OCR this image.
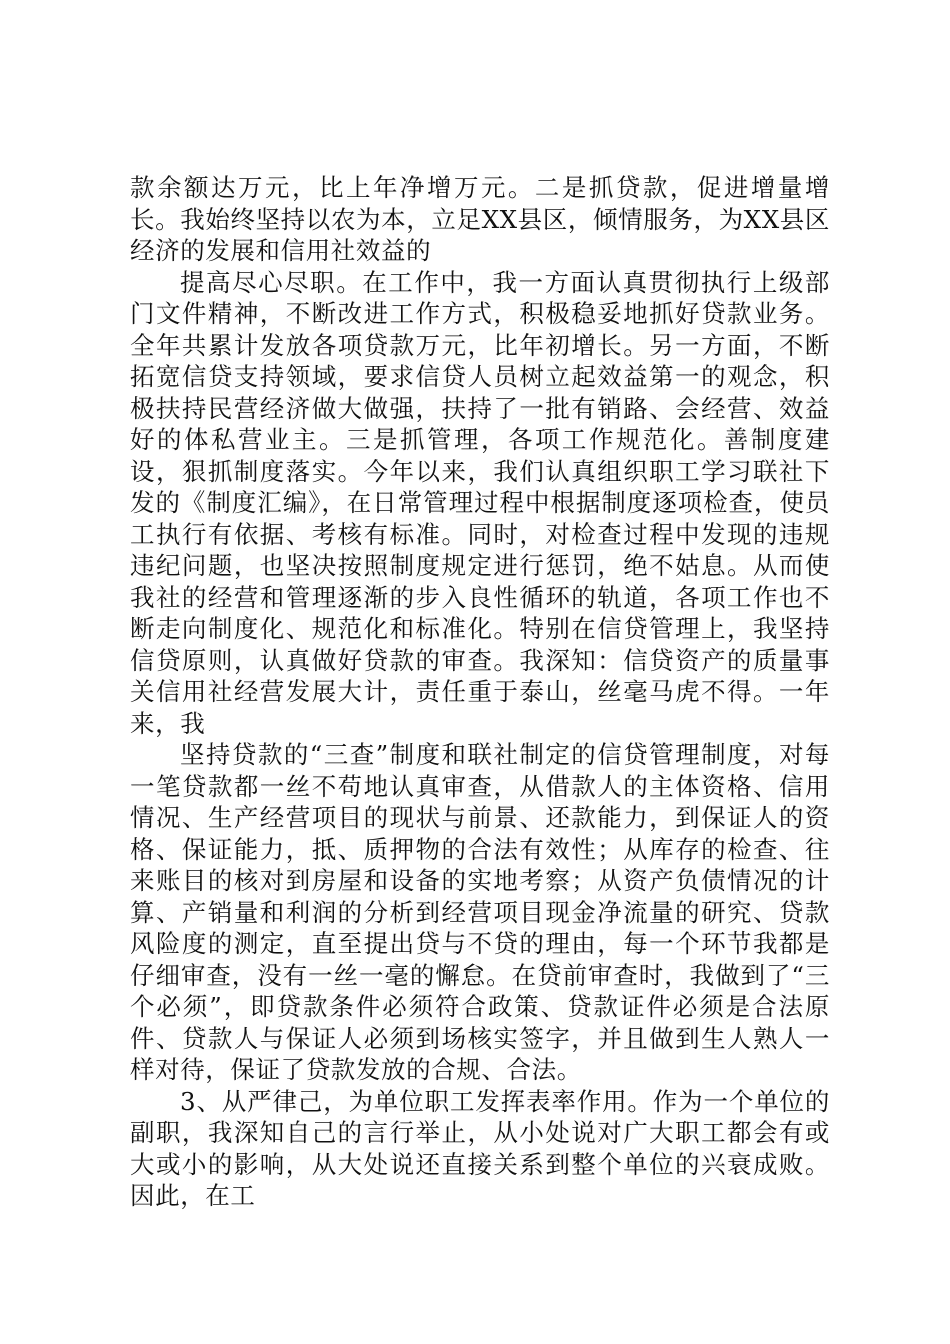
款余额达万元，比上年净增万元。二是抓贷款，促进增量增长。我始终坚持以农为本，立足XX县区，倾情服务，为XX县区经济的发展和信用社效益的

提高尽心尽职。在工作中，我一方面认真贯彻执行上级部门文件精神，不断改进工作方式，积极稳妥地抓好贷款业务。全年共累计发放各项贷款万元，比年初增长。另一方面，不断拓宽信贷支持领域，要求信贷人员树立起效益第一的观念，积极扶持民营经济做大做强，扶持了一批有销路、会经营、效益好的体私营业主。三是抓管理，各项工作规范化。善制度建设，狠抓制度落实。今年以来，我们认真组织职工学习联社下发的《制度汇编》，在日常管理过程中根据制度逐项检查，使员工执行有依据、考核有标准。同时，对检查过程中发现的违规违纪问题，也坚决按照制度规定进行惩罚，绝不姑息。从而使我社的经营和管理逐渐的步入良性循环的轨道，各项工作也不断走向制度化、规范化和标准化。特别在信贷管理上，我坚持信贷原则，认真做好贷款的审查。我深知：信贷资产的质量事关信用社经营发展大计，责任重于泰山，丝毫马虎不得。一年来，我

坚持贷款的“三查”制度和联社制定的信贷管理制度，对每一笔贷款都一丝不苟地认真审查，从借款人的主体资格、信用情况、生产经营项目的现状与前景、还款能力，到保证人的资格、保证能力，抵、质押物的合法有效性；从库存的检查、往来账目的核对到房屋和设备的实地考察；从资产负债情况的计算、产销量和利润的分析到经营项目现金净流量的研究、贷款风险度的测定，直至提出贷与不贷的理由，每一个环节我都是仔细审查，没有一丝一毫的懈怠。在贷前审查时，我做到了“三个必须”，即贷款条件必须符合政策、贷款证件必须是合法原件、贷款人与保证人必须到场核实签字，并且做到生人熟人一样对待，保证了贷款发放的合规、合法。

3、从严律己，为单位职工发挥表率作用。作为一个单位的副职，我深知自己的言行举止，从小处说对广大职工都会有或大或小的影响，从大处说还直接关系到整个单位的兴衰成败。因此，在工
